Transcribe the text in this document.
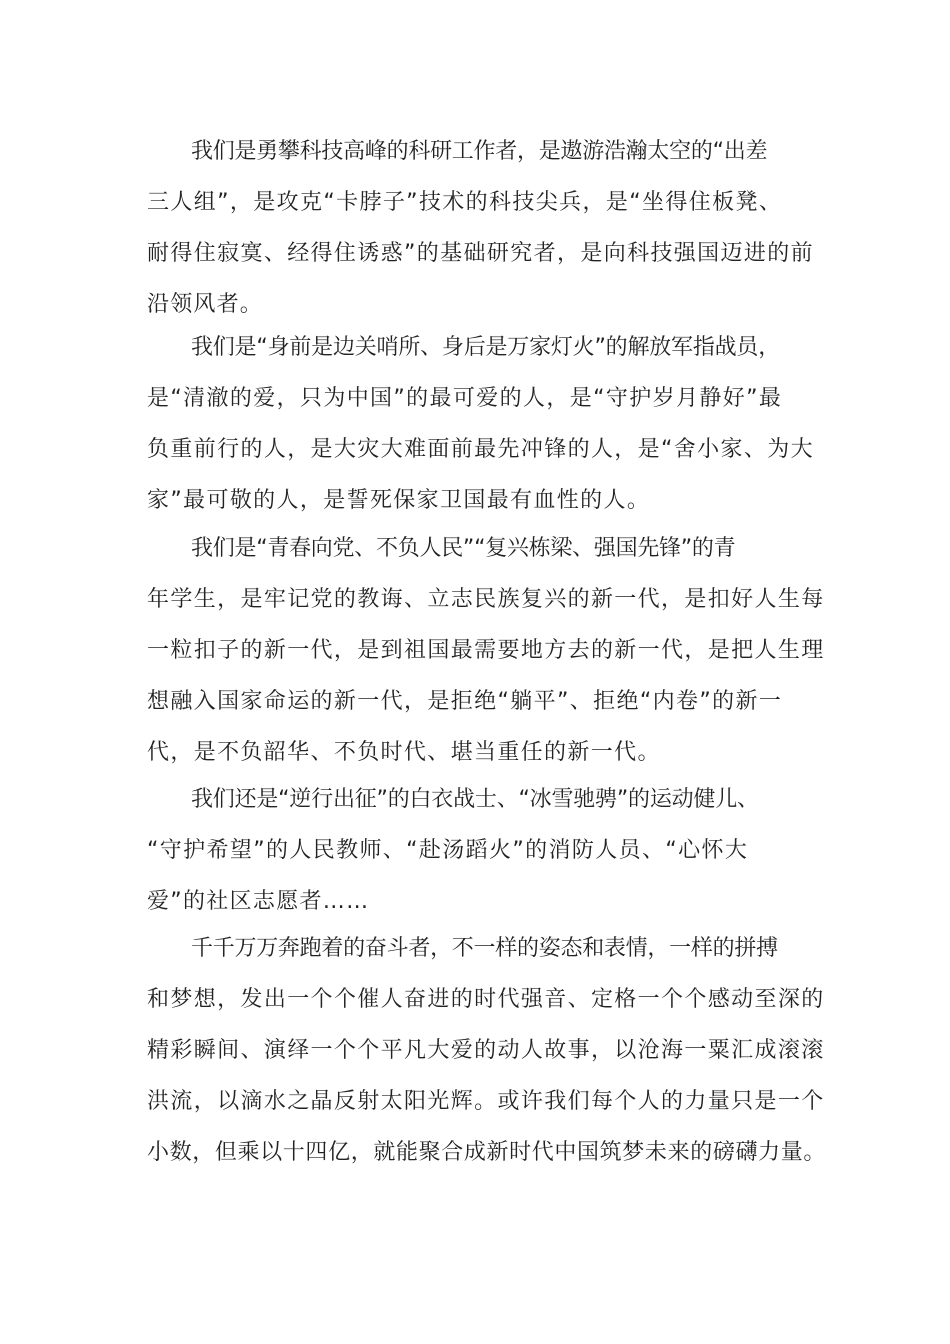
我们是勇攀科技高峰的科研工作者，是遨游浩瀚太空的“出差
三人组”，是攻克“卡脖子”技术的科技尖兵，是“坐得住板凳、
耐得住寂寞、经得住诱惑”的基础研究者，是向科技强国迈进的前
沿领风者。
我们是“身前是边关哨所、身后是万家灯火”的解放军指战员，
是“清澈的爱，只为中国”的最可爱的人，是“守护岁月静好”最
负重前行的人，是大灾大难面前最先冲锋的人，是“舍小家、为大
家”最可敬的人，是誓死保家卫国最有血性的人。
我们是“青春向党、不负人民”“复兴栋梁、强国先锋”的青
年学生，是牢记党的教诲、立志民族复兴的新一代，是扣好人生每
一粒扣子的新一代，是到祖国最需要地方去的新一代，是把人生理
想融入国家命运的新一代，是拒绝“躺平”、拒绝“内卷”的新一
代，是不负韶华、不负时代、堪当重任的新一代。
我们还是“逆行出征”的白衣战士、“冰雪驰骋”的运动健儿、
“守护希望”的人民教师、“赴汤蹈火”的消防人员、“心怀大
爱”的社区志愿者……
千千万万奔跑着的奋斗者，不一样的姿态和表情，一样的拼搏
和梦想，发出一个个催人奋进的时代强音、定格一个个感动至深的
精彩瞬间、演绎一个个平凡大爱的动人故事，以沧海一粟汇成滚滚
洪流，以滴水之晶反射太阳光辉。或许我们每个人的力量只是一个
小数，但乘以十四亿，就能聚合成新时代中国筑梦未来的磅礴力量。
